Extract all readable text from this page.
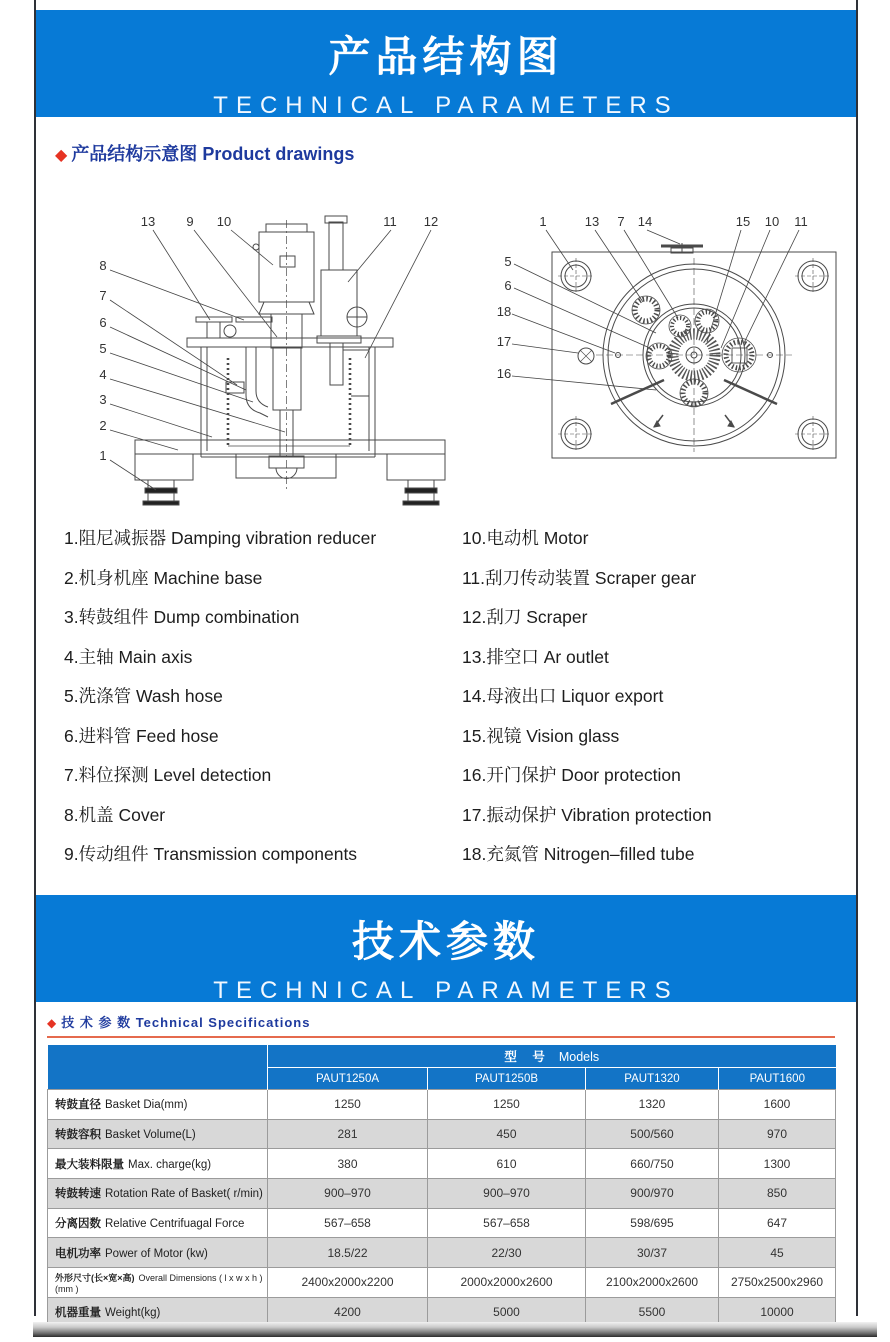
产品结构图
TECHNICAL PARAMETERS
◆ 产品结构示意图 Product drawings
13 9 10	11 12
8
7
6
5
4
3
2
1
1	13 7 14	15 10 11
5
6
18
17
16
1.阻尼减振器 Damping vibration reducer
2.机身机座 Machine base
3.转鼓组件 Dump combination
4.主轴 Main axis
5.洗涤管 Wash hose
6.进料管 Feed hose
7.料位探测 Level detection
8.机盖 Cover
9.传动组件 Transmission components
10.电动机 Motor
11.刮刀传动装置 Scraper gear
12.刮刀 Scraper
13.排空口 Ar outlet
14.母液出口 Liquor export
15.视镜 Vision glass
16.开门保护 Door protection
17.振动保护 Vibration protection
18.充氮管 Nitrogen–filled tube
技术参数
TECHNICAL PARAMETERS
◆ 技 术 参 数 Technical Specifications
	型 号 Models			
	PAUT1250A	PAUT1250B	PAUT1320	PAUT1600
转鼓直径 Basket Dia(mm)	1250	1250	1320	1600
转鼓容积 Basket Volume(L)	281	450	500/560	970
最大装料限量 Max. charge(kg)	380	610	660/750	1300
转鼓转速 Rotation Rate of Basket( r/min)	900–970	900–970	900/970	850
分离因数 Relative Centrifuagal Force	567–658	567–658	598/695	647
电机功率 Power of Motor (kw)	18.5/22	22/30	30/37	45
外形尺寸(长×宽×高) Overall Dimensions ( l x w x h ) (mm )	2400x2000x2200	2000x2000x2600	2100x2000x2600	2750x2500x2960
机器重量 Weight(kg)	4200	5000	5500	10000
